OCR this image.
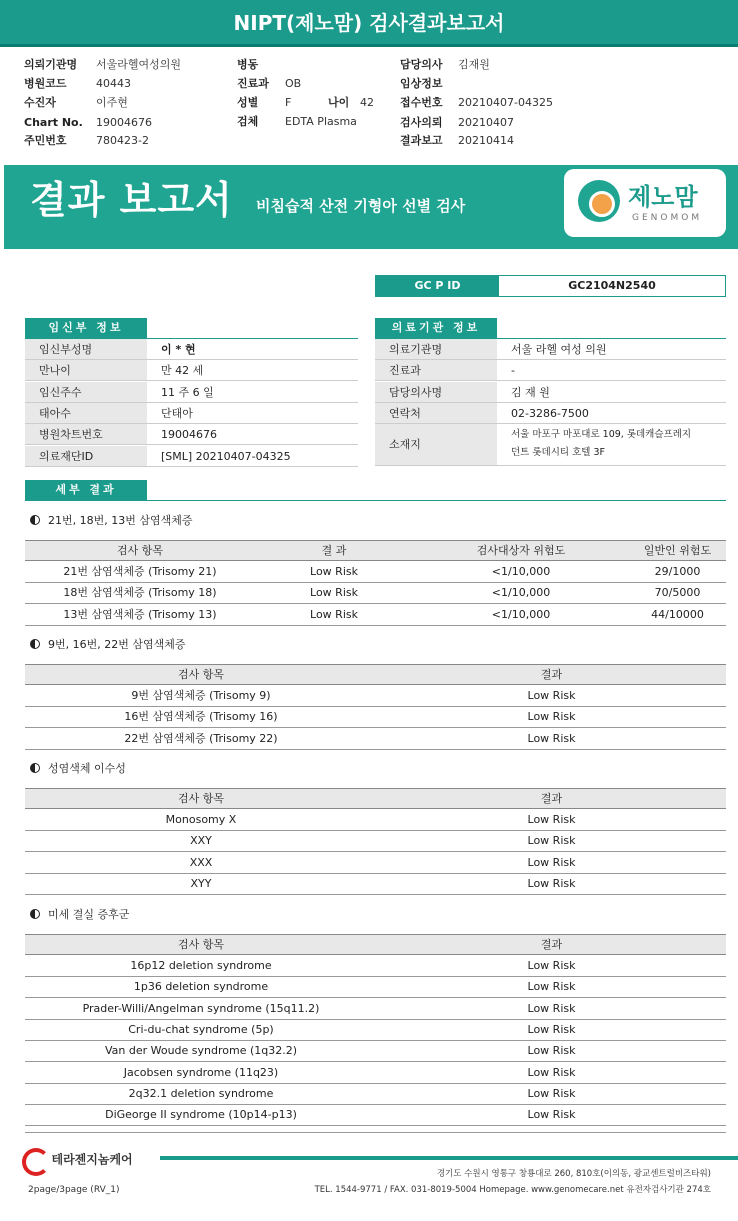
NIPT(제노맘) 검사결과보고서
의뢰기관명 서울라헬여성의원
병원코드	40443
수진자	이주현
Chart No. 19004676
주민번호	780423-2
병동
진료과 OB
성별 F	나이 42
검체 EDTA Plasma
담당의사 김재원
임상정보
접수번호 20210407-04325
검사의뢰 20210407
결과보고 20210414
결과 보고서 비침습적 산전 기형아 선별 검사	제노맘
GENOMOM
GC P ID	GC2104N2540
임신부 정보
임신부성명	이 * 현
만나이	만 42 세
임신주수	11 주 6 일
태아수	단태아
병원차트번호	19004676
의료재단ID	[SML] 20210407-04325
의료기관 정보
의료기관명	서울 라헬 여성 의원
진료과	-
담당의사명	김 재 원
연락처	02-3286-7500
소재지
서울 마포구 마포대로 109, 롯데캐슬프레지
던트 롯데시티 호텔 3F
세부 결과
21번, 18번, 13번 삼염색체증
검사 항목	결 과	검사대상자 위험도	일반인 위험도
21번 삼염색체증 (Trisomy 21)	Low Risk	<1/10,000	29/1000
18번 삼염색체증 (Trisomy 18)	Low Risk	<1/10,000	70/5000
13번 삼염색체증 (Trisomy 13)	Low Risk	<1/10,000	44/10000
9번, 16번, 22번 삼염색체증
검사 항목	결과
9번 삼염색체증 (Trisomy 9)	Low Risk
16번 삼염색체증 (Trisomy 16)	Low Risk
22번 삼염색체증 (Trisomy 22)	Low Risk
성염색체 이수성
검사 항목	결과
Monosomy X	Low Risk
XXY	Low Risk
XXX	Low Risk
XYY	Low Risk
미세 결실 증후군
검사 항목	결과
16p12 deletion syndrome	Low Risk
1p36 deletion syndrome	Low Risk
Prader-Willi/Angelman syndrome (15q11.2)	Low Risk
Cri-du-chat syndrome (5p)	Low Risk
Van der Woude syndrome (1q32.2)	Low Risk
Jacobsen syndrome (11q23)	Low Risk
2q32.1 deletion syndrome	Low Risk
DiGeorge II syndrome (10p14-p13)	Low Risk
테라젠지놈케어
경기도 수원시 영통구 창룡대로 260, 810호(이의동, 광교센트럴비즈타워)
TEL. 1544-9771 / FAX. 031-8019-5004 Homepage. www.genomecare.net 유전자검사기관 274호
2page/3page (RV_1)
